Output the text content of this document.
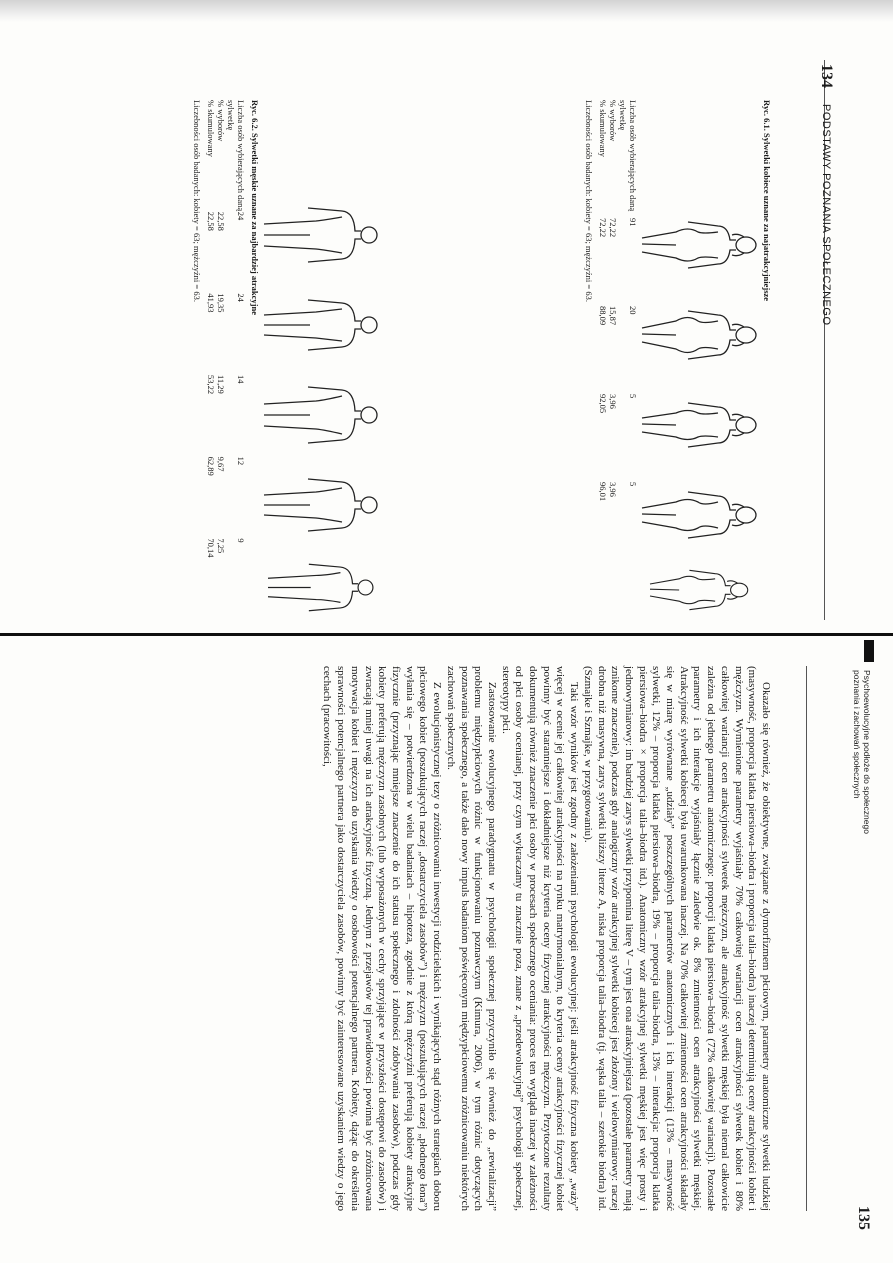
134
PODSTAWY POZNANIA SPOŁECZNEGO
Ryc. 6.1. Sylwetki kobiece uznane za najatrakcyjniejsze
Liczba osób wybierających daną sylwetkę	91	20	5	5
% wyborów	72,22	15,87	3,96	3,96
% skumulowany	72,22	88,09	92,05	96,01
Liczebności osób badanych: kobiety = 63; mężczyźni = 63.
Ryc. 6.2. Sylwetki męskie uznane za najbardziej atrakcyjne
Liczba osób wybierających daną sylwetkę	24	24	14	12	9
% wyborów	22,58	19,35	11,29	9,67	7,25
% skumulowany	22,58	41,93	53,22	62,89	70,14
Liczebności osób badanych: kobiety = 63; mężczyźni = 63.
Psychoewolucyjne podłoże do społecznego
poznania i zachowań społecznych
135

Okazało się również, że obiektywne, związane z dymorfizmem płciowym, parametry anatomiczne sylwetki ludzkiej (masywność, proporcja klatka piersiowa–biodra i proporcja talia–biodra) inaczej determinują oceny atrakcyjności kobiet i mężczyzn. Wymienione parametry wyjaśniały 70% całkowitej wariancji ocen atrakcyjności sylwetek kobiet i 80% całkowitej wariancji ocen atrakcyjności sylwetek mężczyzn, ale atrakcyjność sylwetki męskiej była niemal całkowicie zależna od jednego parametru anatomicznego: proporcji klatka piersiowa–biodra (72% całkowitej wariancji). Pozostałe parametry i ich interakcje wyjaśniały łącznie zaledwie ok. 8% zmienności ocen atrakcyjności sylwetki męskiej. Atrakcyjność sylwetki kobiecej była uwarunkowana inaczej. Na 70% całkowitej zmienności ocen atrakcyjności składały się w miarę wyrównane „udziały” poszczególnych parametrów anatomicznych i ich interakcji (13% – masywność sylwetki, 12% – proporcja klatka piersiowa–biodra, 19% – proporcja talia–biodra, 13% – interakcja: proporcja klatka piersiowa–biodra × proporcja talia–biodra itd.). Anatomiczny wzór atrakcyjnej sylwetki męskiej jest więc prosty i jednowymiarowy: im bardziej zarys sylwetki przypomina literę V – tym jest ona atrakcyjniejsza (pozostałe parametry mają znikome znaczenie), podczas gdy analogiczny wzór atrakcyjnej sylwetki kobiecej jest złożony i wielowymiarowy: raczej drobna niż masywna, zarys sylwetki bliższy literze A, niska proporcja talia–biodra (tj. wąska talia – szerokie biodra) itd. (Szmajke i Szmajke, w przygotowaniu).

Taki wzór wyników jest zgodny z założeniami psychologii ewolucyjnej: jeśli atrakcyjność fizyczna kobiety „waży” więcej w ocenie jej całkowitej atrakcyjności na rynku matrymonialnym, to kryteria oceny atrakcyjności fizycznej kobiet powinny być staranniejsze i dokładniejsze niż kryteria oceny fizycznej atrakcyjności mężczyzn. Przytoczone rezultaty dokumentują również znaczenie płci osoby w procesach społecznego oceniania: proces ten wygląda inaczej w zależności od płci osoby ocenianej, przy czym wykraczamy tu znacznie poza, znane z „przedewolucyjnej” psychologii społecznej, stereotypy płci.

Zastosowanie ewolucyjnego paradygmatu w psychologii społecznej przyczyniło się również do „rewitalizacji” problemu międzypłciowych różnic w funkcjonowaniu poznawczym (Kimura, 2006), w tym różnic dotyczących poznawania społecznego, a także dało nowy impuls badaniom poświęconym międzypłciowemu zróżnicowaniu niektórych zachowań społecznych.

Z ewolucjonistycznej tezy o zróżnicowaniu inwestycji rodzicielskich i wynikających stąd różnych strategiach doboru płciowego kobiet (poszukujących raczej „dostarczyciela zasobów”) i mężczyzn (poszukujących raczej „płodnego łona”) wyłania się – potwierdzona w wielu badaniach – hipoteza, zgodnie z którą mężczyźni preferują kobiety atrakcyjne fizycznie (przyznając mniejsze znaczenie do ich statusu społecznego i zdolności zdobywania zasobów), podczas gdy kobiety preferują mężczyzn zasobnych (lub wyposażonych w cechy sprzyjające w przyszłości dostępowi do zasobów) i zwracają mniej uwagi na ich atrakcyjność fizyczną. Jednym z przejawów tej prawidłowości powinna być zróżnicowana motywacja kobiet i mężczyzn do uzyskania wiedzy o osobowości potencjalnego partnera. Kobiety, dążąc do określenia sprawności potencjalnego partnera jako dostarczyciela zasobów, powinny być zainteresowane uzyskaniem wiedzy o jego cechach (pracowitości,
